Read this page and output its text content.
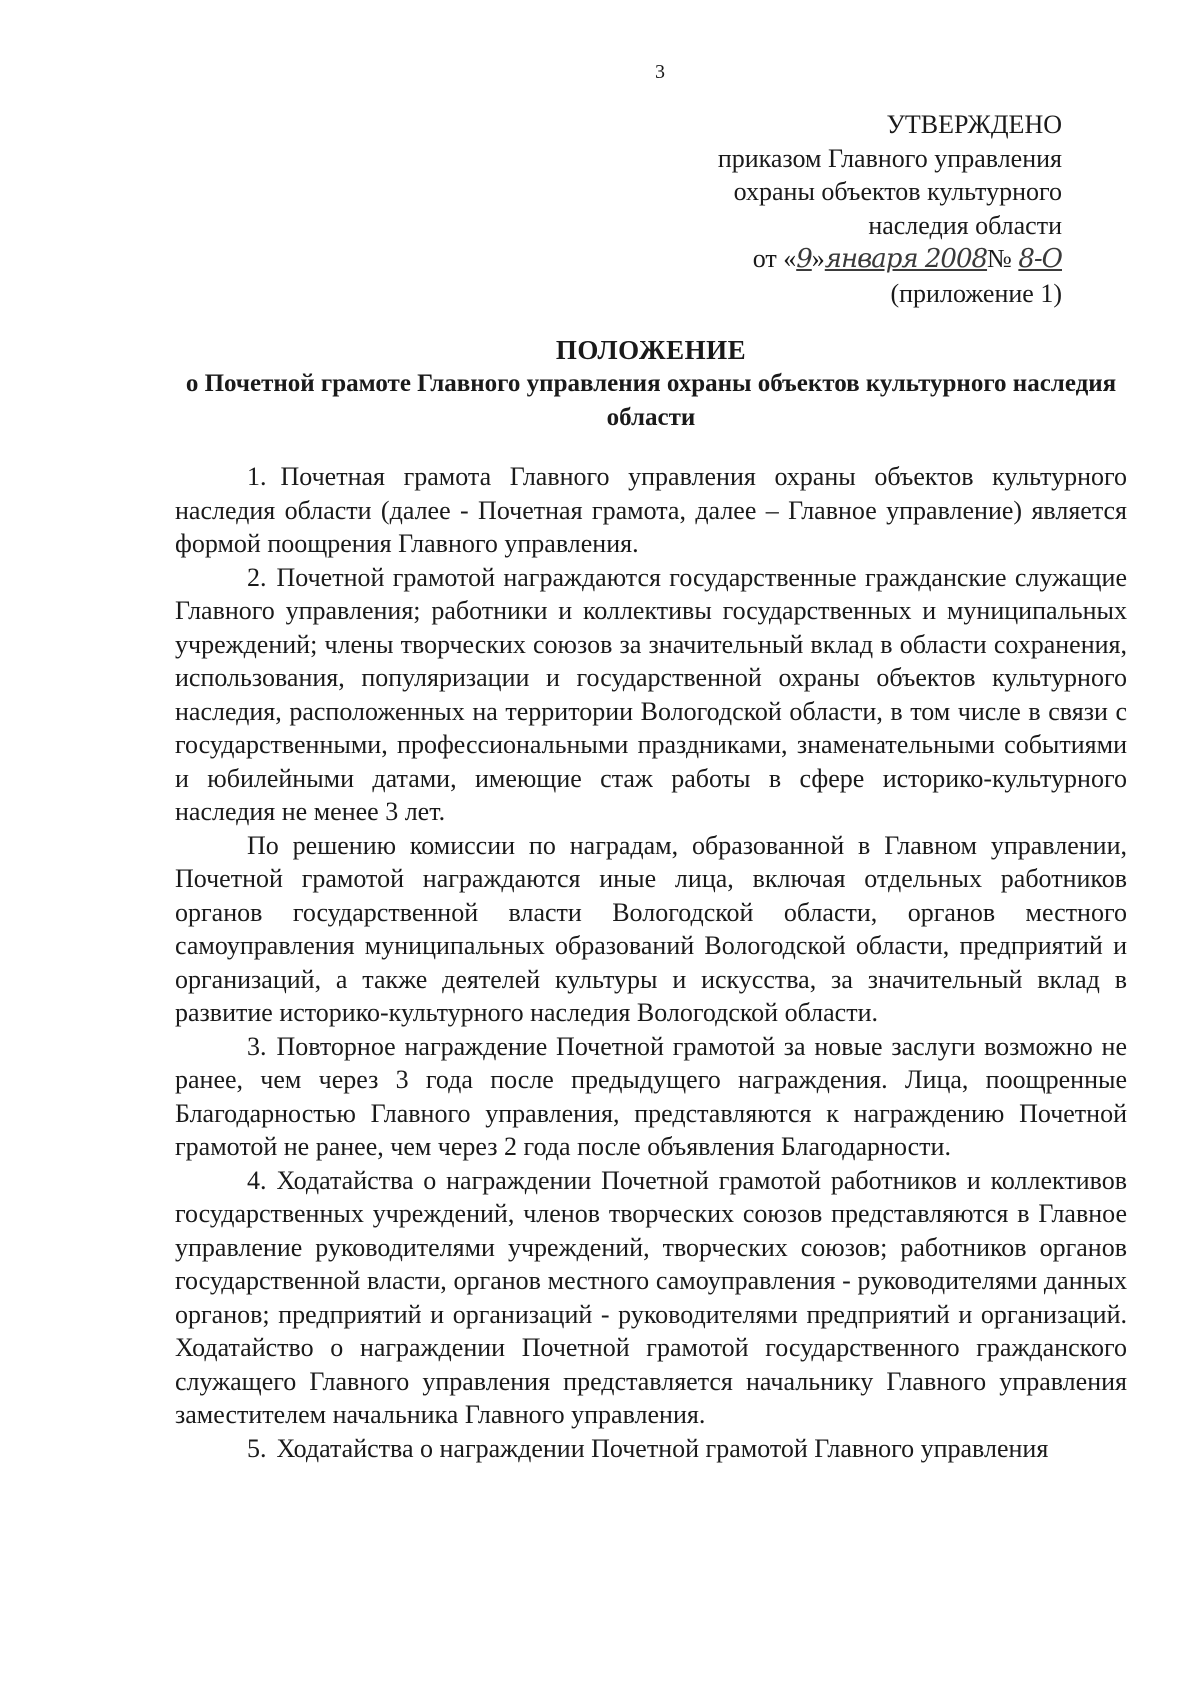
3
УТВЕРЖДЕНО
приказом Главного управления
охраны объектов культурного
наследия области
от «9»января 2008№ 8-О
(приложение 1)
ПОЛОЖЕНИЕ
о Почетной грамоте Главного управления охраны объектов культурного наследия области

1. Почетная грамота Главного управления охраны объектов культурного наследия области (далее - Почетная грамота, далее – Главное управление) является формой поощрения Главного управления.

2. Почетной грамотой награждаются государственные гражданские служащие Главного управления; работники и коллективы государственных и муниципальных учреждений; члены творческих союзов за значительный вклад в области сохранения, использования, популяризации и государственной охраны объектов культурного наследия, расположенных на территории Вологодской области, в том числе в связи с государственными, профессиональными праздниками, знаменательными событиями и юбилейными датами, имеющие стаж работы в сфере историко-культурного наследия не менее 3 лет.

По решению комиссии по наградам, образованной в Главном управлении, Почетной грамотой награждаются иные лица, включая отдельных работников органов государственной власти Вологодской области, органов местного самоуправления муниципальных образований Вологодской области, предприятий и организаций, а также деятелей культуры и искусства, за значительный вклад в развитие историко-культурного наследия Вологодской области.

3. Повторное награждение Почетной грамотой за новые заслуги возможно не ранее, чем через 3 года после предыдущего награждения. Лица, поощренные Благодарностью Главного управления, представляются к награждению Почетной грамотой не ранее, чем через 2 года после объявления Благодарности.

4. Ходатайства о награждении Почетной грамотой работников и коллективов государственных учреждений, членов творческих союзов представляются в Главное управление руководителями учреждений, творческих союзов; работников органов государственной власти, органов местного самоуправления - руководителями данных органов; предприятий и организаций - руководителями предприятий и организаций. Ходатайство о награждении Почетной грамотой государственного гражданского служащего Главного управления представляется начальнику Главного управления заместителем начальника Главного управления.

5. Ходатайства о награждении Почетной грамотой Главного управления
